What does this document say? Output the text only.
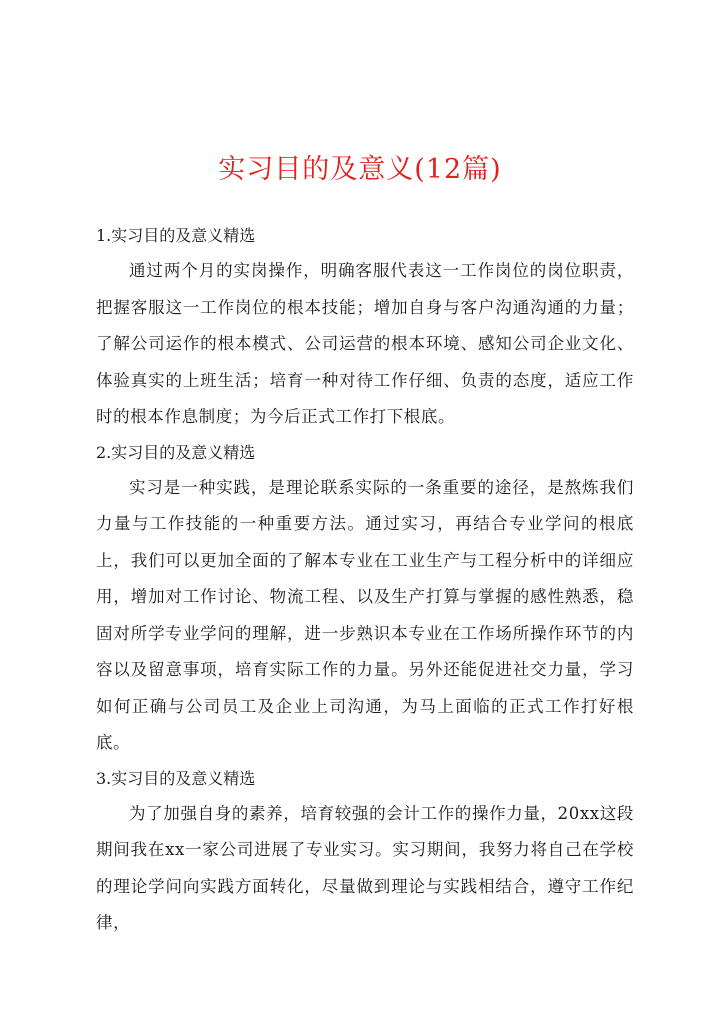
实习目的及意义(12篇)

1.实习目的及意义精选

通过两个月的实岗操作，明确客服代表这一工作岗位的岗位职责，把握客服这一工作岗位的根本技能；增加自身与客户沟通沟通的力量；了解公司运作的根本模式、公司运营的根本环境、感知公司企业文化、体验真实的上班生活；培育一种对待工作仔细、负责的态度，适应工作时的根本作息制度；为今后正式工作打下根底。

2.实习目的及意义精选

实习是一种实践，是理论联系实际的一条重要的途径，是熬炼我们力量与工作技能的一种重要方法。通过实习，再结合专业学问的根底上，我们可以更加全面的了解本专业在工业生产与工程分析中的详细应用，增加对工作讨论、物流工程、以及生产打算与掌握的感性熟悉，稳固对所学专业学问的理解，进一步熟识本专业在工作场所操作环节的内容以及留意事项，培育实际工作的力量。另外还能促进社交力量，学习如何正确与公司员工及企业上司沟通，为马上面临的正式工作打好根底。

3.实习目的及意义精选

为了加强自身的素养，培育较强的会计工作的操作力量，20xx这段期间我在xx一家公司进展了专业实习。实习期间，我努力将自己在学校的理论学问向实践方面转化，尽量做到理论与实践相结合，遵守工作纪律，
